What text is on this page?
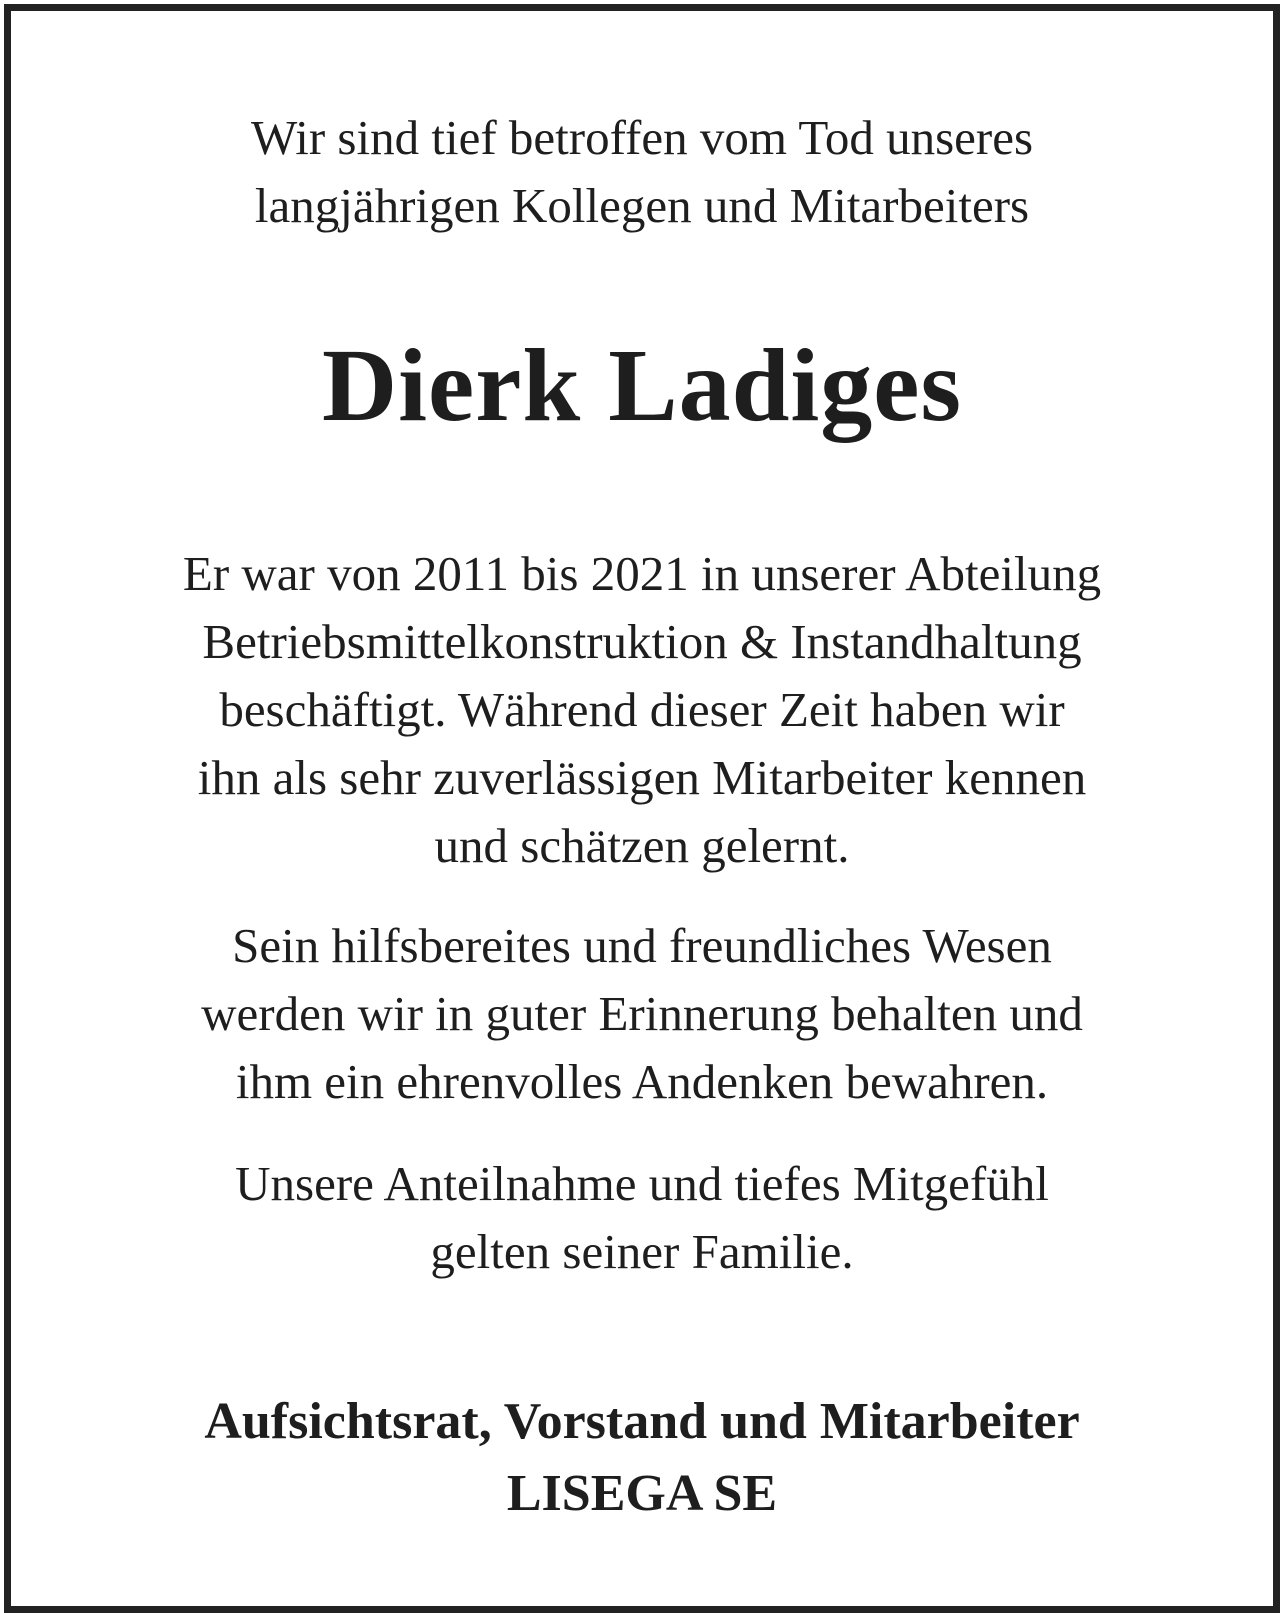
Wir sind tief betroffen vom Tod unseres
langjährigen Kollegen und Mitarbeiters
Dierk Ladiges
Er war von 2011 bis 2021 in unserer Abteilung
Betriebsmittelkonstruktion & Instandhaltung
beschäftigt. Während dieser Zeit haben wir
ihn als sehr zuverlässigen Mitarbeiter kennen
und schätzen gelernt.
Sein hilfsbereites und freundliches Wesen
werden wir in guter Erinnerung behalten und
ihm ein ehrenvolles Andenken bewahren.
Unsere Anteilnahme und tiefes Mitgefühl
gelten seiner Familie.
Aufsichtsrat, Vorstand und Mitarbeiter
LISEGA SE
